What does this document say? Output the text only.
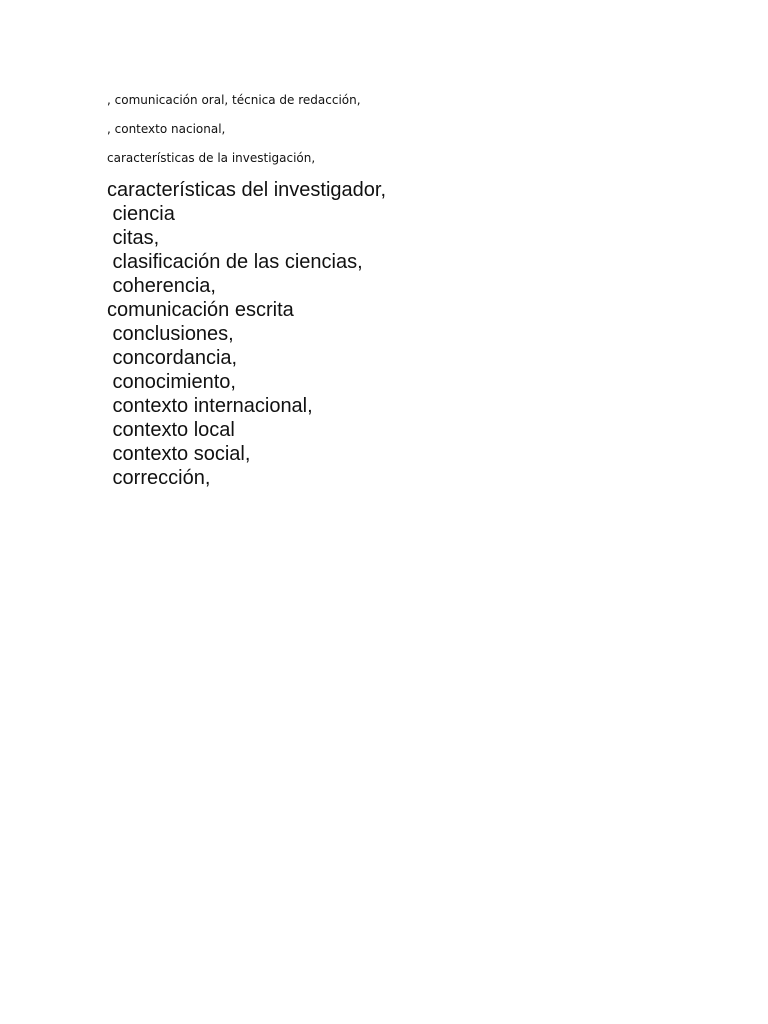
, comunicación oral, técnica de redacción,
, contexto nacional,
características de la investigación,
características del investigador,
ciencia
citas,
clasificación de las ciencias,
coherencia,
comunicación escrita
conclusiones,
concordancia,
conocimiento,
contexto internacional,
contexto local
contexto social,
corrección,
